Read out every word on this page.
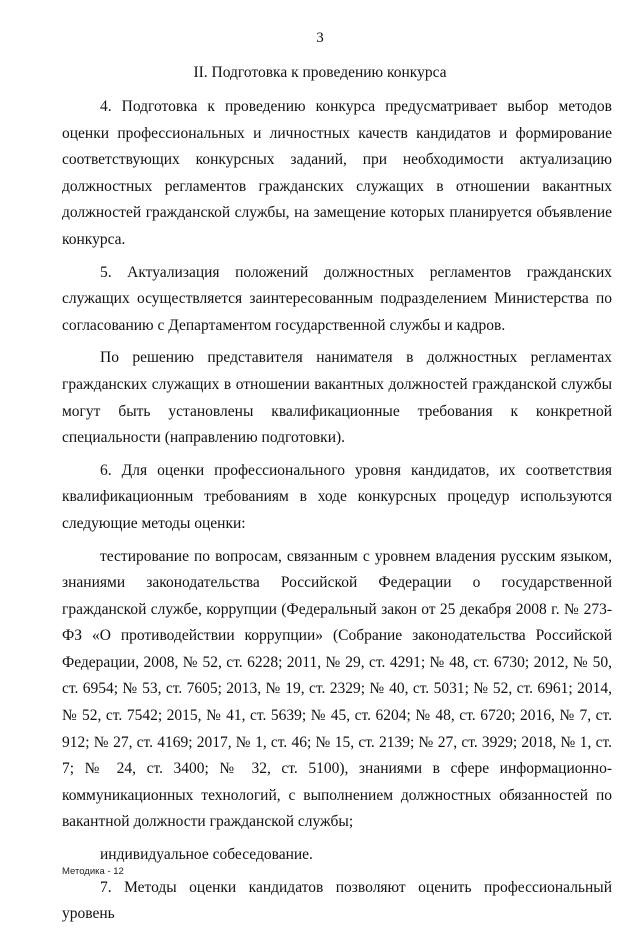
3
II. Подготовка к проведению конкурса

4. Подготовка к проведению конкурса предусматривает выбор методов оценки профессиональных и личностных качеств кандидатов и формирование соответствующих конкурсных заданий, при необходимости актуализацию должностных регламентов гражданских служащих в отношении вакантных должностей гражданской службы, на замещение которых планируется объявление конкурса.

5. Актуализация положений должностных регламентов гражданских служащих осуществляется заинтересованным подразделением Министерства по согласованию с Департаментом государственной службы и кадров.

По решению представителя нанимателя в должностных регламентах гражданских служащих в отношении вакантных должностей гражданской службы могут быть установлены квалификационные требования к конкретной специальности (направлению подготовки).

6. Для оценки профессионального уровня кандидатов, их соответствия квалификационным требованиям в ходе конкурсных процедур используются следующие методы оценки:

тестирование по вопросам, связанным с уровнем владения русским языком, знаниями законодательства Российской Федерации о государственной гражданской службе, коррупции (Федеральный закон от 25 декабря 2008 г. № 273-ФЗ «О противодействии коррупции» (Собрание законодательства Российской Федерации, 2008, № 52, ст. 6228; 2011, № 29, ст. 4291; № 48, ст. 6730; 2012, № 50, ст. 6954; № 53, ст. 7605; 2013, № 19, ст. 2329; № 40, ст. 5031; № 52, ст. 6961; 2014, № 52, ст. 7542; 2015, № 41, ст. 5639; № 45, ст. 6204; № 48, ст. 6720; 2016, № 7, ст. 912; № 27, ст. 4169; 2017, № 1, ст. 46; № 15, ст. 2139; № 27, ст. 3929; 2018, № 1, ст. 7; № 24, ст. 3400; № 32, ст. 5100), знаниями в сфере информационно-коммуникационных технологий, с выполнением должностных обязанностей по вакантной должности гражданской службы;

индивидуальное собеседование.

7. Методы оценки кандидатов позволяют оценить профессиональный уровень

Методика - 12
